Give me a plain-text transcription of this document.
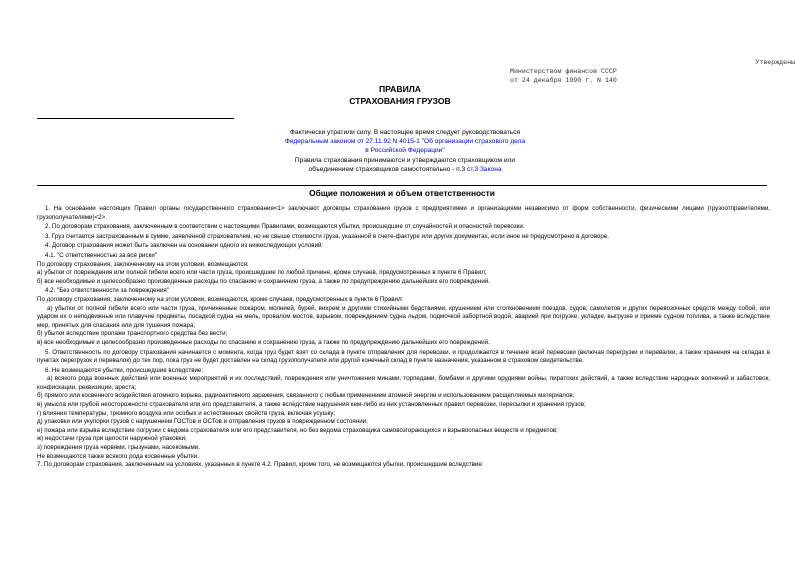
Утверждены
Министерством финансов СССР
от 24 декабря 1990 г. N 140
ПРАВИЛА
СТРАХОВАНИЯ ГРУЗОВ
Фактически утратили силу. В настоящее время следует руководствоваться
Федеральным законом от 27.11.92 N 4015-1 "Об организации страхового дела
в Российской Федерации"
Правила страхования принимаются и утверждаются страховщиком или
объединением страховщиков самостоятельно - п.3 ст.3 Закона
Общие положения и объем ответственности

1. На основании настоящих Правил органы государственного страхования<1> заключают договоры страхования грузов с предприятиями и организациями независимо от форм собственности, физическими лицами (грузоотправителями, грузополучателями)<2>.

2. По договорам страхования, заключенным в соответствии с настоящими Правилами, возмещаются убытки, происшедшие от случайностей и опасностей перевозки.

3. Груз считается застрахованным в сумме, заявленной страхователем, но не свыше стоимости груза, указанной в счете-фактуре или других документах, если иное не предусмотрено в договоре.

4. Договор страхования может быть заключен на основании одного из нижеследующих условий:

4.1. "С ответственностью за все риски"

По договору страхования, заключенному на этом условии, возмещаются:

а) убытки от повреждения или полной гибели всего или части груза, происшедшие по любой причине, кроме случаев, предусмотренных в пункте 6 Правил;

б) все необходимые и целесообразно произведенные расходы по спасанию и сохранению груза, а также по предупреждению дальнейших его повреждений.

4.2. "Без ответственности за повреждения"

По договору страхования, заключенному на этом условии, возмещаются, кроме случаев, предусмотренных в пункте 6 Правил:

а) убытки от полной гибели всего или части груза, причиненные пожаром, молнией, бурей, вихрем и другими стихийными бедствиями, крушением или столкновением поездов, судов, самолетов и других перевозочных средств между собой, или ударом их о неподвижные или плавучие предметы, посадкой судна на мель, провалом мостов, взрывом, повреждением судна льдом, подмочкой забортной водой, аварией при погрузке, укладке, выгрузке и приеме судном топлива, а также вследствие мер, принятых для спасания или для тушения пожара;

б) убытки вследствие пропажи транспортного средства без вести;

в) все необходимые и целесообразно произведенные расходы по спасанию и сохранению груза, а также по предупреждению дальнейших его повреждений.

5. Ответственность по договору страхования начинается с момента, когда груз будет взят со склада в пункте отправления для перевозки, и продолжается в течение всей перевозки (включая перегрузки и перевалки, а также хранения на складах в пунктах перегрузок и перевалок) до тех пор, пока груз не будет доставлен на склад грузополучателя или другой конечный склад в пункте назначения, указанном в страховом свидетельстве.

6. Не возмещаются убытки, происшедшие вследствие:

а) всякого рода военных действий или военных мероприятий и их последствий, повреждения или уничтожения минами, торпедами, бомбами и другими орудиями войны, пиратских действий, а также вследствие народных волнений и забастовок, конфискации, реквизиции, ареста;

б) прямого или косвенного воздействия атомного взрыва, радиоактивного заражения, связанного с любым применением атомной энергии и использованием расщепляемых материалов;

в) умысла или грубой неосторожности страхователя или его представителя, а также вследствие нарушения кем-либо из них установленных правил перевозки, пересылки и хранения грузов;

г) влияния температуры, трюмного воздуха или особых и естественных свойств груза, включая усушку;

д) упаковки или укупорки грузов с нарушением ГОСТов и ОСТов и отправления грузов в поврежденном состоянии;

е) пожара или взрыва вследствие погрузки с ведома страхователя или его представителя, но без ведома страховщика самовозгорающихся и взрывоопасных веществ и предметов;

ж) недостачи груза при целости наружной упаковки;

з) повреждения груза червями, грызунами, насекомыми.

Не возмещаются также всякого рода косвенные убытки.

7. По договорам страхования, заключенным на условиях, указанных в пункте 4.2. Правил, кроме того, не возмещаются убытки, происшедшие вследствие:
